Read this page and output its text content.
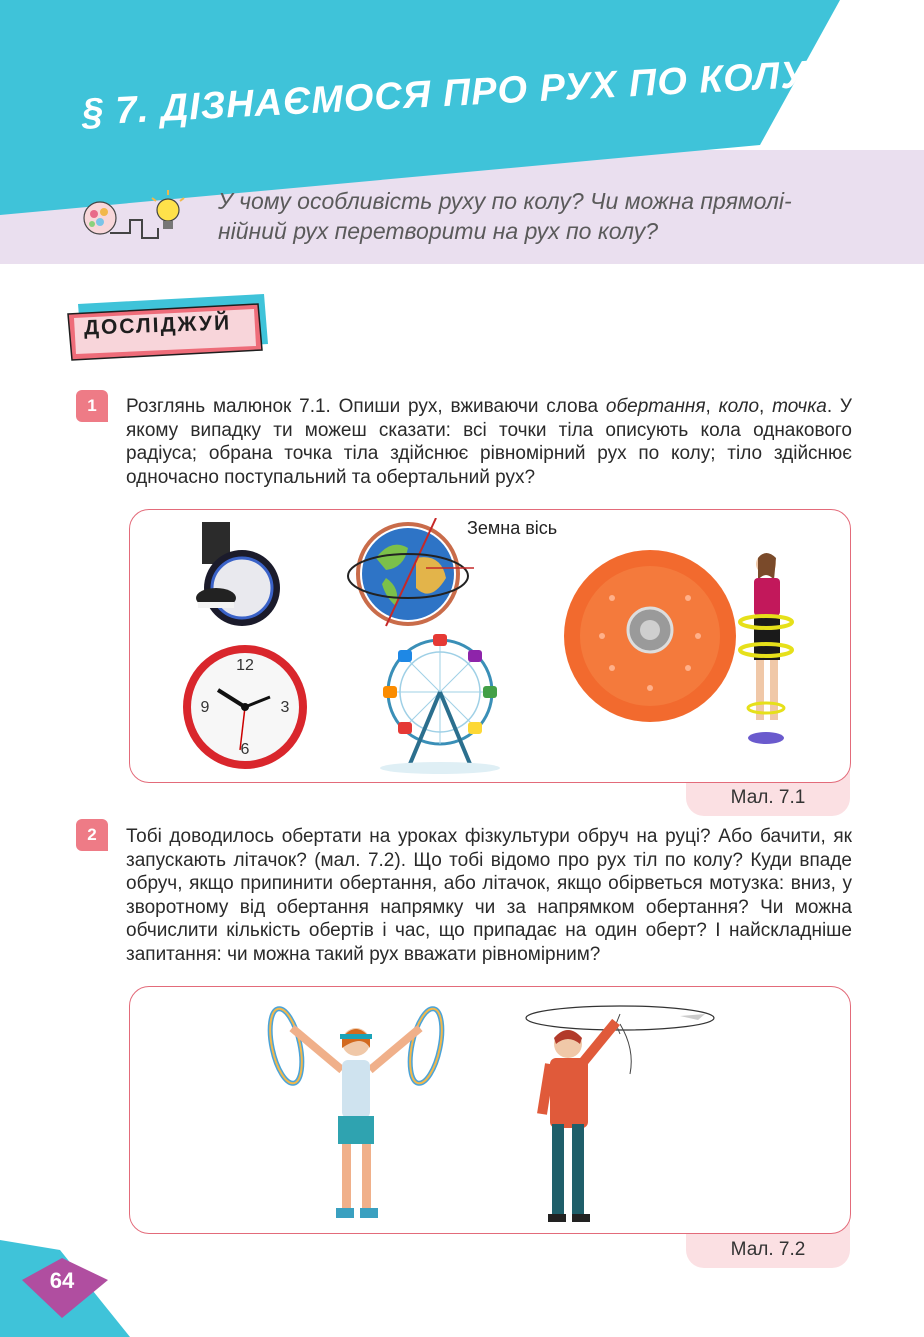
§ 7. ДІЗНАЄМОСЯ ПРО РУХ ПО КОЛУ
У чому особливість руху по колу? Чи можна прямолі-
нійний рух перетворити на рух по колу?
ДОСЛІДЖУЙ
1	Розглянь малюнок 7.1. Опиши рух, вживаючи слова обертання, коло, точка. У якому випадку ти можеш сказати: всі точки тіла описують кола однакового радіуса; обрана точка тіла здійснює рівномірний рух по колу; тіло здійснює одночасно поступальний та обертальний рух?
Мал. 7.1
Земна вісь
12
3
6
9
2	Тобі доводилось обертати на уроках фізкультури обруч на руці? Або бачити, як запускають літачок? (мал. 7.2). Що тобі відомо про рух тіл по колу? Куди впаде обруч, якщо припинити обертання, або літачок, якщо обірветься мотузка: вниз, у зворотному від обертання напрямку чи за напрямком обертання? Чи можна обчислити кількість обертів і час, що припадає на один оберт? І найскладніше запитання: чи можна такий рух вважати рівномірним?
Мал. 7.2
64
